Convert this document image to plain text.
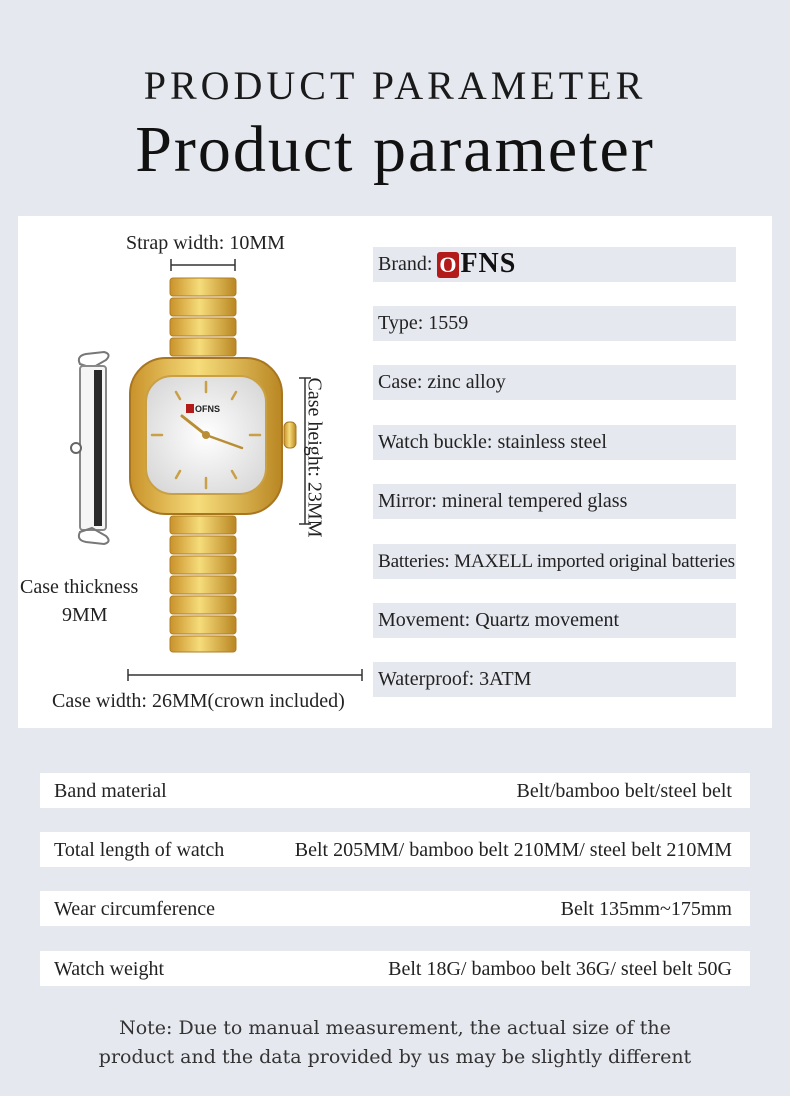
PRODUCT PARAMETER
Product parameter
Case thickness
9MM
Strap width: 10MM
OFNS	Case height: 23MM
Case width: 26MM(crown included)
Brand: O FNS
Type: 1559
Case: zinc alloy
Watch buckle: stainless steel
Mirror: mineral tempered glass
Batteries: MAXELL imported original batteries
Movement: Quartz movement
Waterproof: 3ATM
Band material	Belt/bamboo belt/steel belt
Total length of watch	Belt 205MM/ bamboo belt 210MM/ steel belt 210MM
Wear circumference	Belt 135mm~175mm
Watch weight	Belt 18G/ bamboo belt 36G/ steel belt 50G
Note: Due to manual measurement, the actual size of the
product and the data provided by us may be slightly different
